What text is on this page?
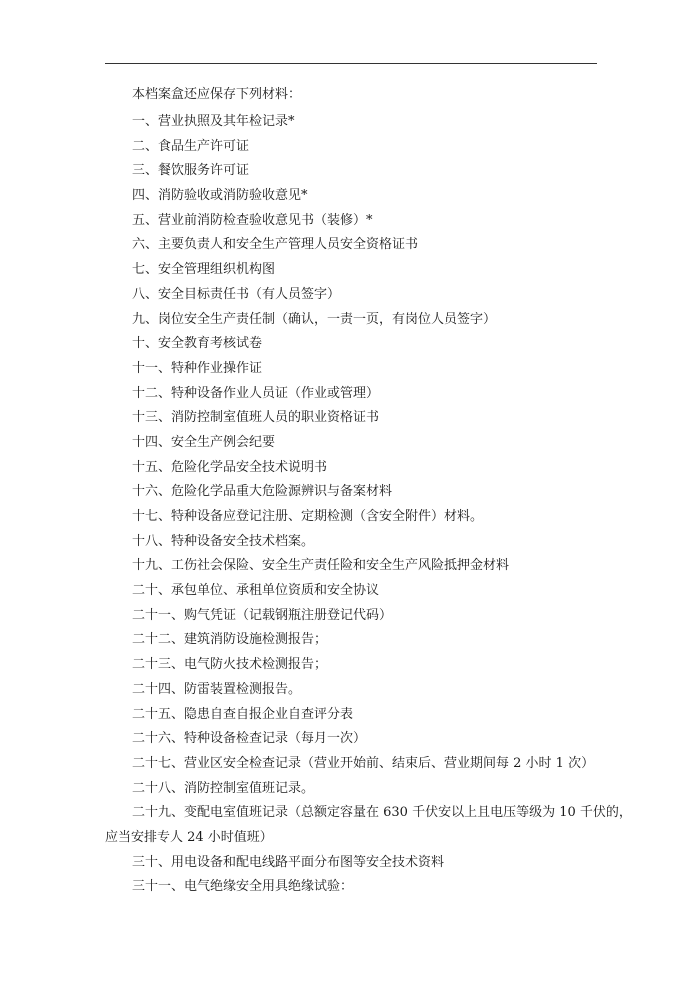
本档案盒还应保存下列材料：
一、营业执照及其年检记录*
二、食品生产许可证
三、餐饮服务许可证
四、消防验收或消防验收意见*
五、营业前消防检查验收意见书（装修）*
六、主要负责人和安全生产管理人员安全资格证书
七、安全管理组织机构图
八、安全目标责任书（有人员签字）
九、岗位安全生产责任制（确认，一责一页，有岗位人员签字）
十、安全教育考核试卷
十一、特种作业操作证
十二、特种设备作业人员证（作业或管理）
十三、消防控制室值班人员的职业资格证书
十四、安全生产例会纪要
十五、危险化学品安全技术说明书
十六、危险化学品重大危险源辨识与备案材料
十七、特种设备应登记注册、定期检测（含安全附件）材料。
十八、特种设备安全技术档案。
十九、工伤社会保险、安全生产责任险和安全生产风险抵押金材料
二十、承包单位、承租单位资质和安全协议
二十一、购气凭证（记载钢瓶注册登记代码）
二十二、建筑消防设施检测报告；
二十三、电气防火技术检测报告；
二十四、防雷装置检测报告。
二十五、隐患自查自报企业自查评分表
二十六、特种设备检查记录（每月一次）
二十七、营业区安全检查记录（营业开始前、结束后、营业期间每 2 小时 1 次）
二十八、消防控制室值班记录。
二十九、变配电室值班记录（总额定容量在 630 千伏安以上且电压等级为 10 千伏的，
应当安排专人 24 小时值班）
三十、用电设备和配电线路平面分布图等安全技术资料
三十一、电气绝缘安全用具绝缘试验：
